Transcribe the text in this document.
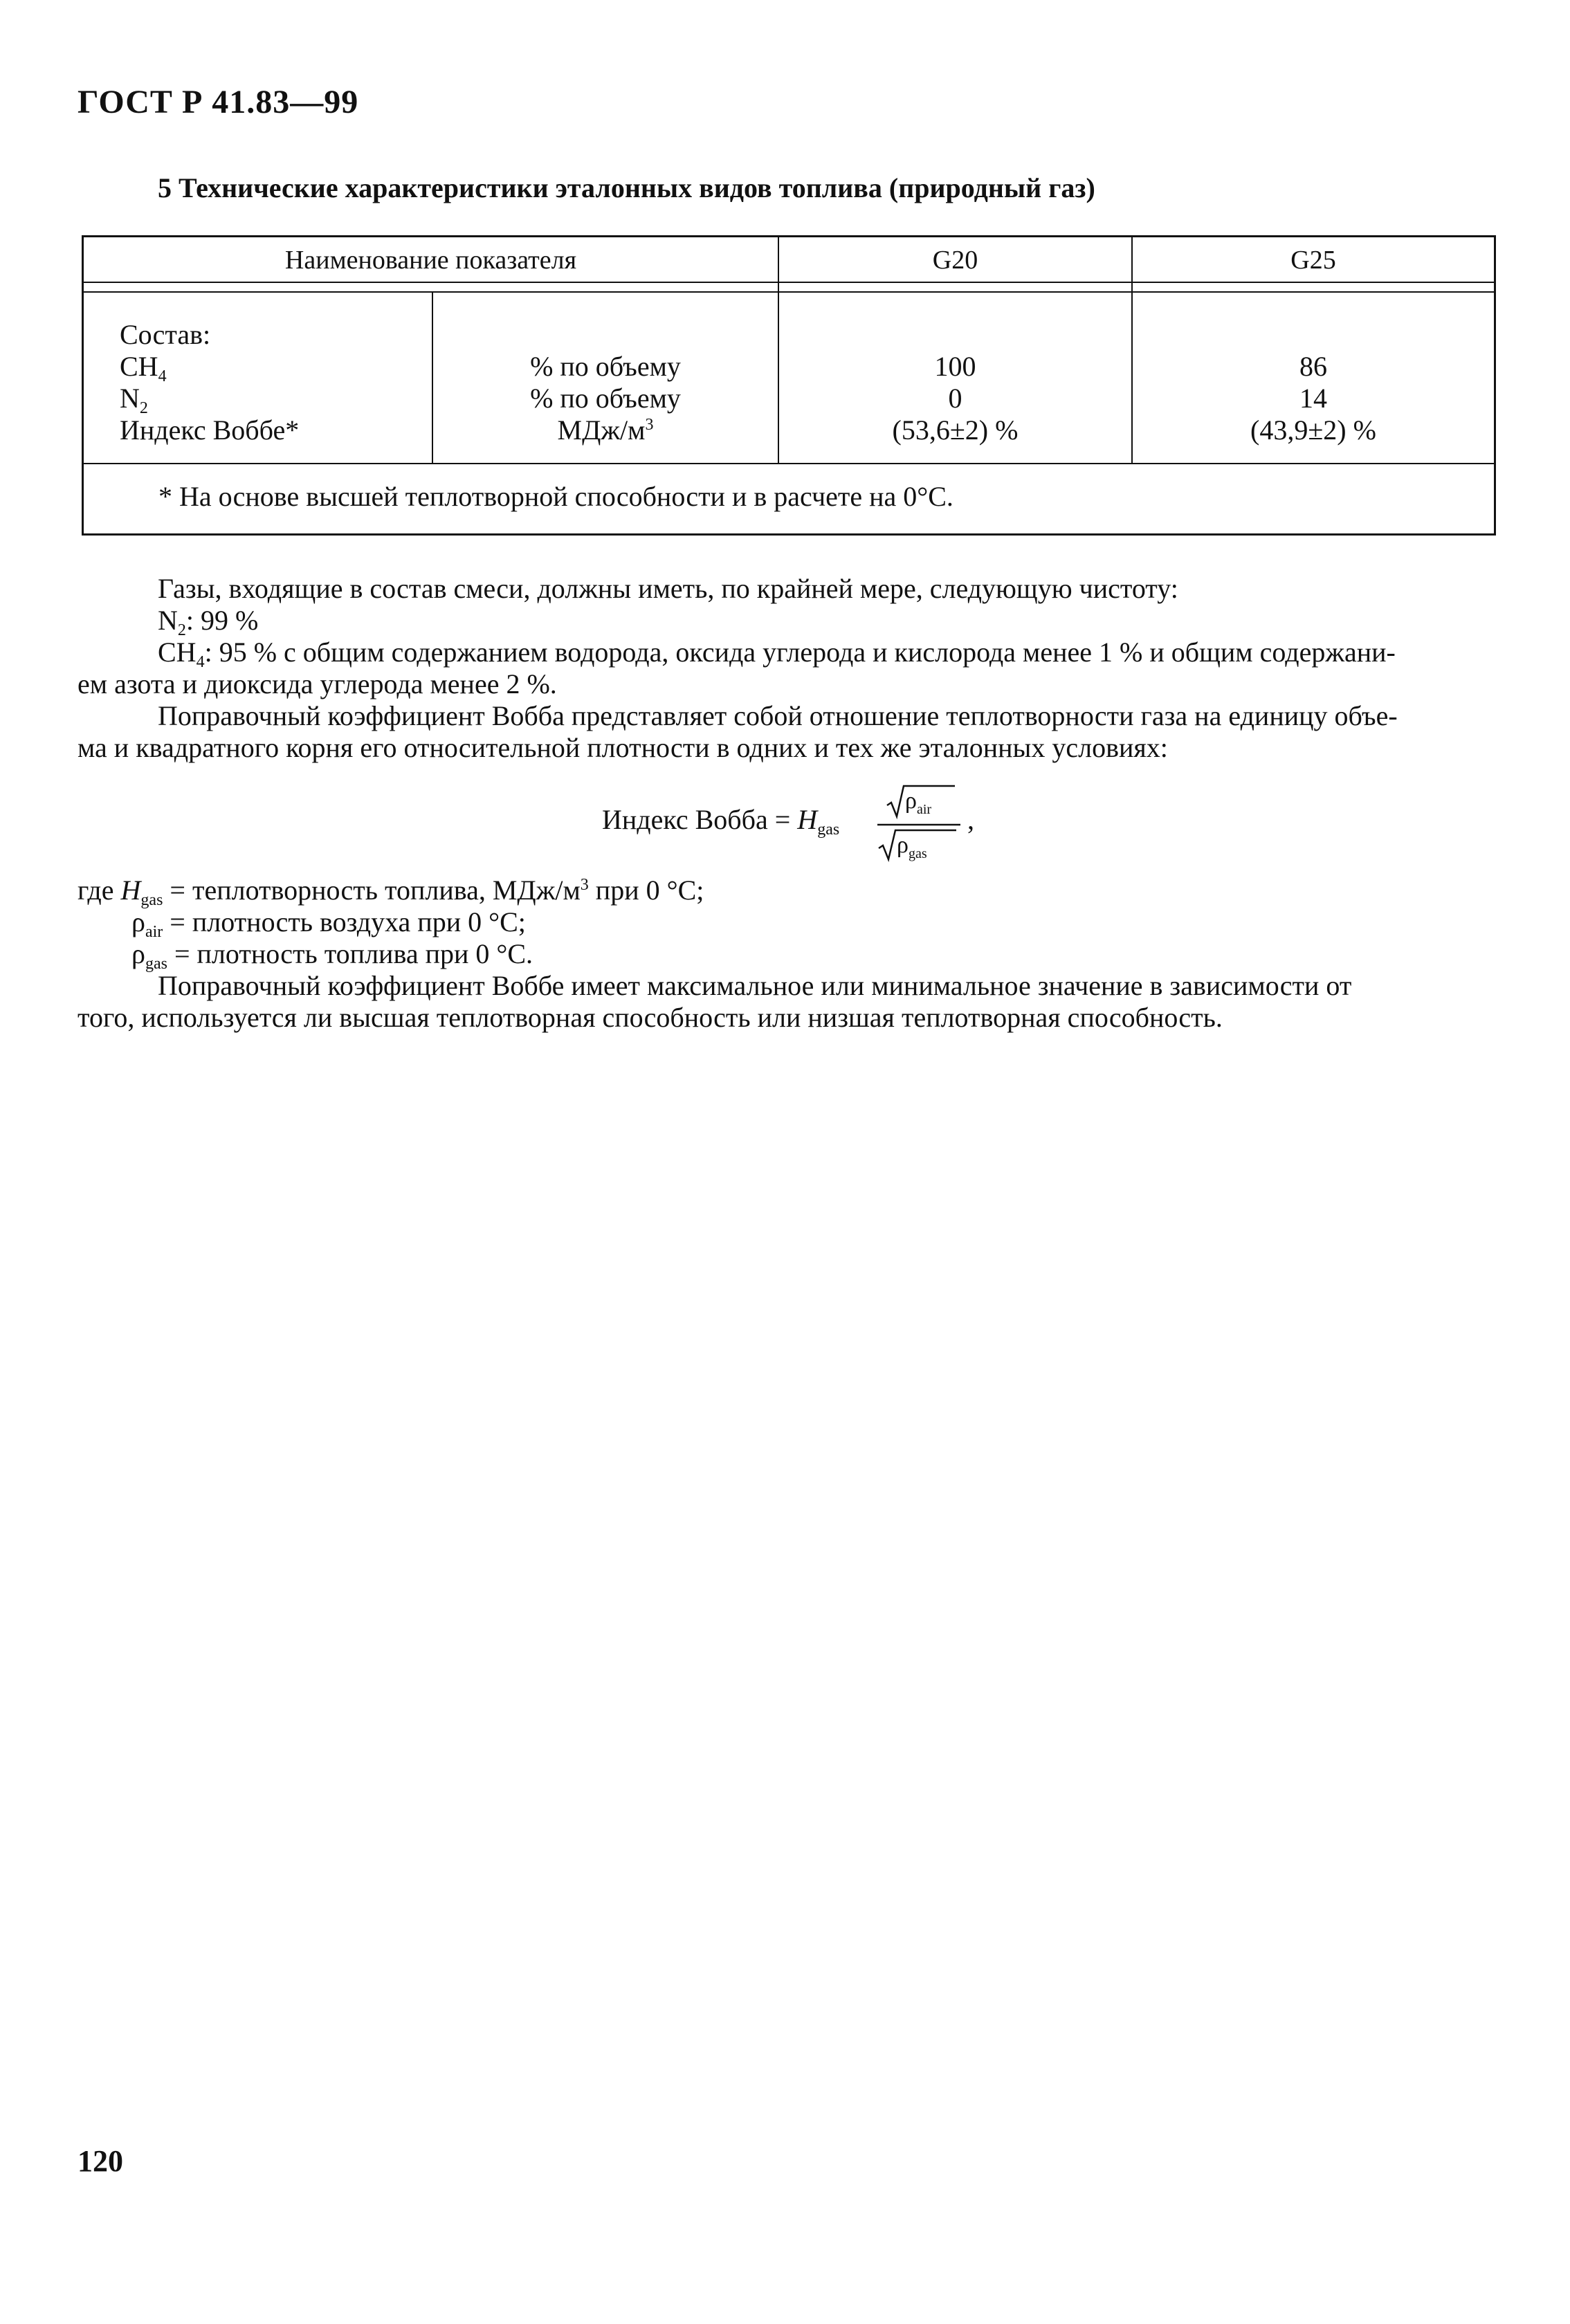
ГОСТ Р 41.83—99
5 Технические характеристики эталонных видов топлива (природный газ)
Наименование показателя	G20	G25
Состав:
$CH_4$	% по объему	100	86
$N_2$	% по объему	0	14
Индекс Воббе*	МДж/$м^3$	(53,6±2) %	(43,9±2) %
* На основе высшей теплотворной способности и в расчете на 0°С.
Газы, входящие в состав смеси, должны иметь, по крайней мере, следующую чистоту:
$N_2$: 99 %
$CH_4$: 95 % с общим содержанием водорода, оксида углерода и кислорода менее 1 % и общим содержани-
ем азота и диоксида углерода менее 2 %.
Поправочный коэффициент Вобба представляет собой отношение теплотворности газа на единицу объе-
ма и квадратного корня его относительной плотности в одних и тех же эталонных условиях:
Индекс Вобба = $H_{gas}$
$\rho_{air}$
$\rho_{gas}$
,
где $H_{gas}$ = теплотворность топлива, МДж/$м^3$ при 0 °С;
$\rho_{air}$ = плотность воздуха при 0 °С;
$\rho_{gas}$ = плотность топлива при 0 °С.
Поправочный коэффициент Воббе имеет максимальное или минимальное значение в зависимости от
того, используется ли высшая теплотворная способность или низшая теплотворная способность.
120
